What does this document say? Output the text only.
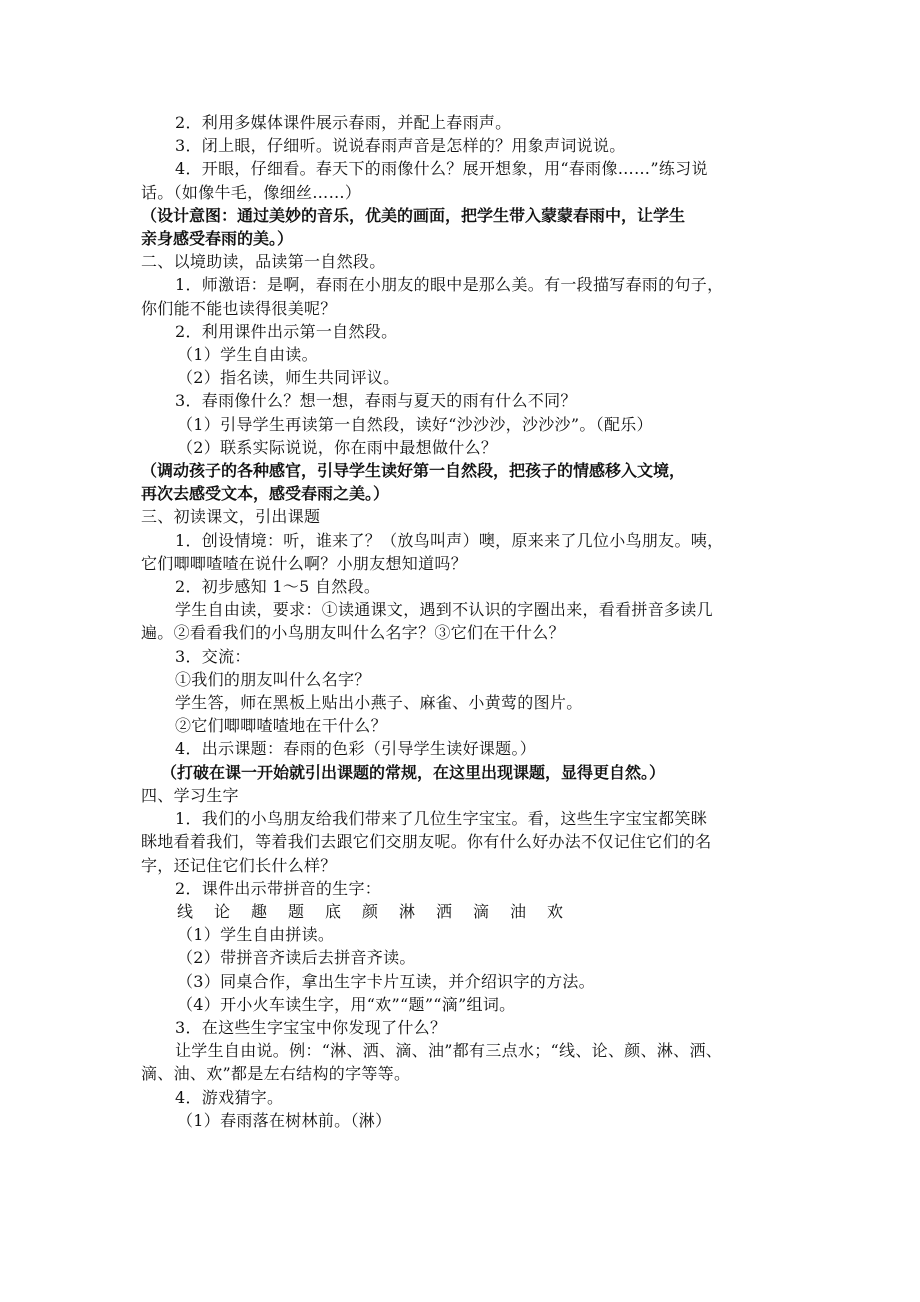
2．利用多媒体课件展示春雨，并配上春雨声。
3．闭上眼，仔细听。说说春雨声音是怎样的？用象声词说说。
4．开眼，仔细看。春天下的雨像什么？展开想象，用“春雨像……”练习说
话。（如像牛毛，像细丝……）
（设计意图：通过美妙的音乐，优美的画面，把学生带入蒙蒙春雨中，让学生
亲身感受春雨的美。）
二、以境助读，品读第一自然段。
1．师激语：是啊，春雨在小朋友的眼中是那么美。有一段描写春雨的句子，
你们能不能也读得很美呢？
2．利用课件出示第一自然段。
（1）学生自由读。
（2）指名读，师生共同评议。
3．春雨像什么？想一想，春雨与夏天的雨有什么不同？
（1）引导学生再读第一自然段，读好“沙沙沙，沙沙沙”。（配乐）
（2）联系实际说说，你在雨中最想做什么？
（调动孩子的各种感官，引导学生读好第一自然段，把孩子的情感移入文境，
再次去感受文本，感受春雨之美。）
三、初读课文，引出课题
1．创设情境：听，谁来了？（放鸟叫声）噢，原来来了几位小鸟朋友。咦，
它们唧唧喳喳在说什么啊？小朋友想知道吗？
2．初步感知 1～5 自然段。
学生自由读，要求：①读通课文，遇到不认识的字圈出来，看看拼音多读几
遍。②看看我们的小鸟朋友叫什么名字？③它们在干什么？
3．交流：
①我们的朋友叫什么名字？
学生答，师在黑板上贴出小燕子、麻雀、小黄莺的图片。
②它们唧唧喳喳地在干什么？
4．出示课题：春雨的色彩（引导学生读好课题。）
（打破在课一开始就引出课题的常规，在这里出现课题，显得更自然。）
四、学习生字
1．我们的小鸟朋友给我们带来了几位生字宝宝。看，这些生字宝宝都笑眯
眯地看着我们，等着我们去跟它们交朋友呢。你有什么好办法不仅记住它们的名
字，还记住它们长什么样？
2．课件出示带拼音的生字：
线 论 趣 题 底 颜 淋 洒 滴 油 欢
（1）学生自由拼读。
（2）带拼音齐读后去拼音齐读。
（3）同桌合作，拿出生字卡片互读，并介绍识字的方法。
（4）开小火车读生字，用“欢”“题”“滴”组词。
3．在这些生字宝宝中你发现了什么？
让学生自由说。例：“淋、洒、滴、油”都有三点水；“线、论、颜、淋、洒、
滴、油、欢”都是左右结构的字等等。
4．游戏猜字。
（1）春雨落在树林前。（淋）
